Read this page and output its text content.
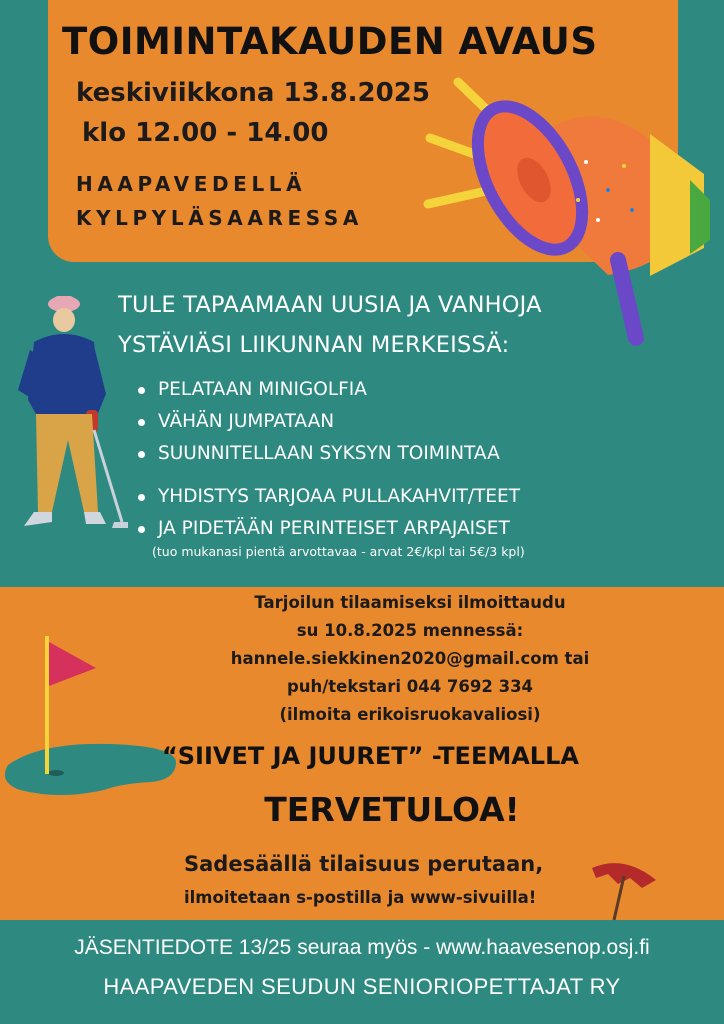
TOIMINTAKAUDEN AVAUS
keskiviikkona 13.8.2025
klo 12.00 - 14.00
HAAPAVEDELLÄ
KYLPYLÄSAARESSA
TULE TAPAAMAAN UUSIA JA VANHOJA
YSTÄVIÄSI LIIKUNNAN MERKEISSÄ:
PELATAAN MINIGOLFIA
VÄHÄN JUMPATAAN
SUUNNITELLAAN SYKSYN TOIMINTAA
YHDISTYS TARJOAA PULLAKAHVIT/TEET
JA PIDETÄÄN PERINTEISET ARPAJAISET
(tuo mukanasi pientä arvottavaa - arvat 2€/kpl tai 5€/3 kpl)
Tarjoilun tilaamiseksi ilmoittaudu
su 10.8.2025 mennessä:
hannele.siekkinen2020@gmail.com tai
puh/tekstari 044 7692 334
(ilmoita erikoisruokavaliosi)
“SIIVET JA JUURET” -TEEMALLA
TERVETULOA!
Sadesäällä tilaisuus perutaan,
ilmoitetaan s-postilla ja www-sivuilla!
JÄSENTIEDOTE 13/25 seuraa myös - www.haavesenop.osj.fi
HAAPAVEDEN SEUDUN SENIORIOPETTAJAT RY
